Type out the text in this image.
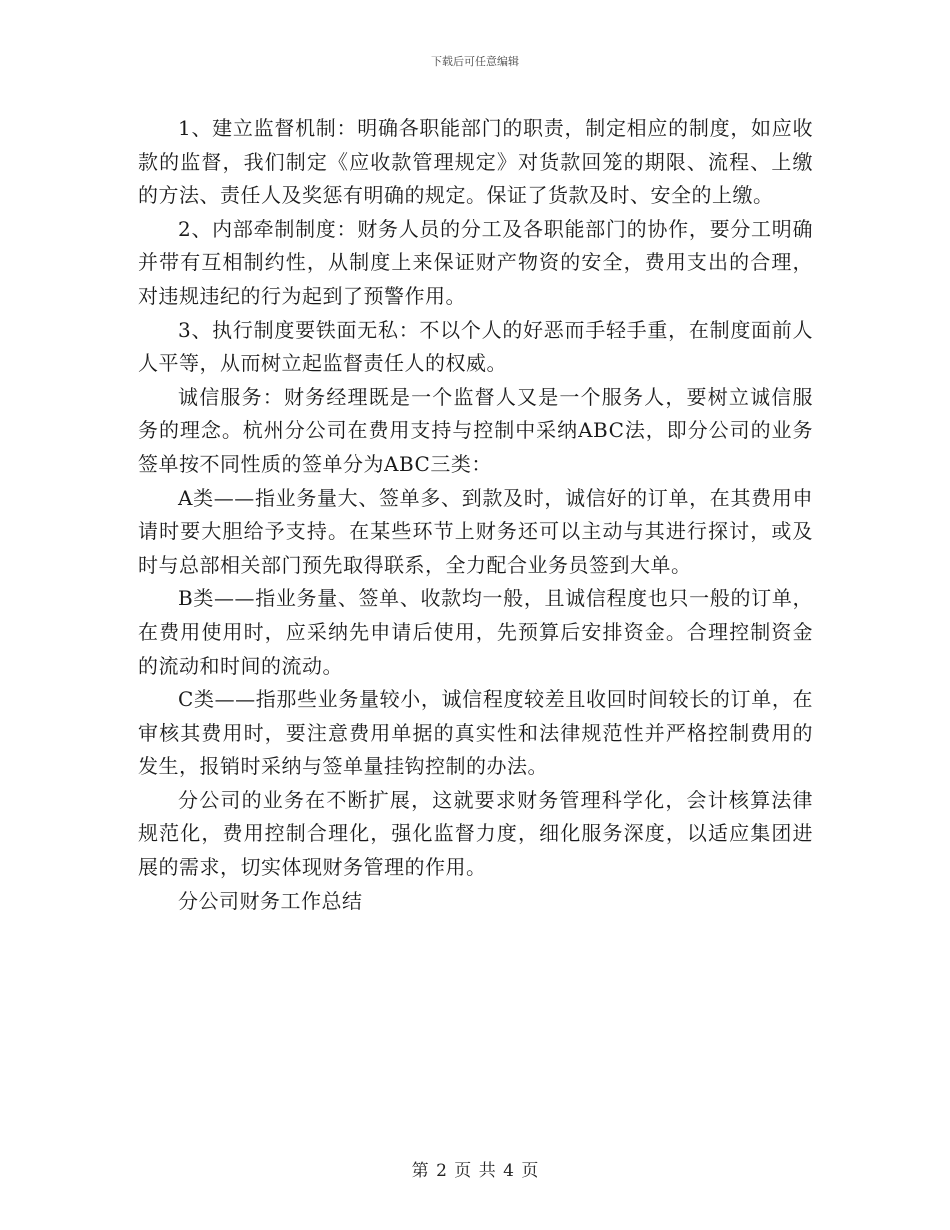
下载后可任意编辑

1、建立监督机制：明确各职能部门的职责，制定相应的制度，如应收款的监督，我们制定《应收款管理规定》对货款回笼的期限、流程、上缴的方法、责任人及奖惩有明确的规定。保证了货款及时、安全的上缴。

2、内部牵制制度：财务人员的分工及各职能部门的协作，要分工明确并带有互相制约性，从制度上来保证财产物资的安全，费用支出的合理，对违规违纪的行为起到了预警作用。

3、执行制度要铁面无私：不以个人的好恶而手轻手重，在制度面前人人平等，从而树立起监督责任人的权威。

诚信服务：财务经理既是一个监督人又是一个服务人，要树立诚信服务的理念。杭州分公司在费用支持与控制中采纳ABC法，即分公司的业务签单按不同性质的签单分为ABC三类：

A类——指业务量大、签单多、到款及时，诚信好的订单，在其费用申请时要大胆给予支持。在某些环节上财务还可以主动与其进行探讨，或及时与总部相关部门预先取得联系，全力配合业务员签到大单。

B类——指业务量、签单、收款均一般，且诚信程度也只一般的订单，在费用使用时，应采纳先申请后使用，先预算后安排资金。合理控制资金的流动和时间的流动。

C类——指那些业务量较小，诚信程度较差且收回时间较长的订单，在审核其费用时，要注意费用单据的真实性和法律规范性并严格控制费用的发生，报销时采纳与签单量挂钩控制的办法。

分公司的业务在不断扩展，这就要求财务管理科学化，会计核算法律规范化，费用控制合理化，强化监督力度，细化服务深度，以适应集团进展的需求，切实体现财务管理的作用。

分公司财务工作总结

第 2 页 共 4 页
